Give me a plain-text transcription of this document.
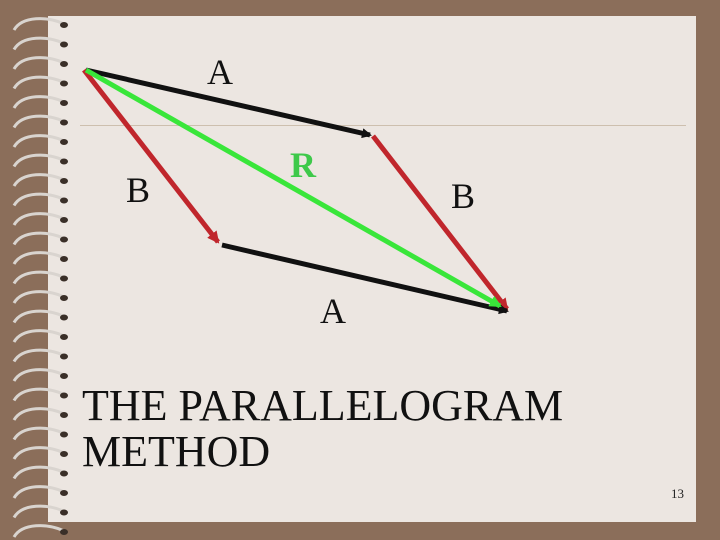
A
B
R
B
A
THE PARALLELOGRAM
METHOD
13
